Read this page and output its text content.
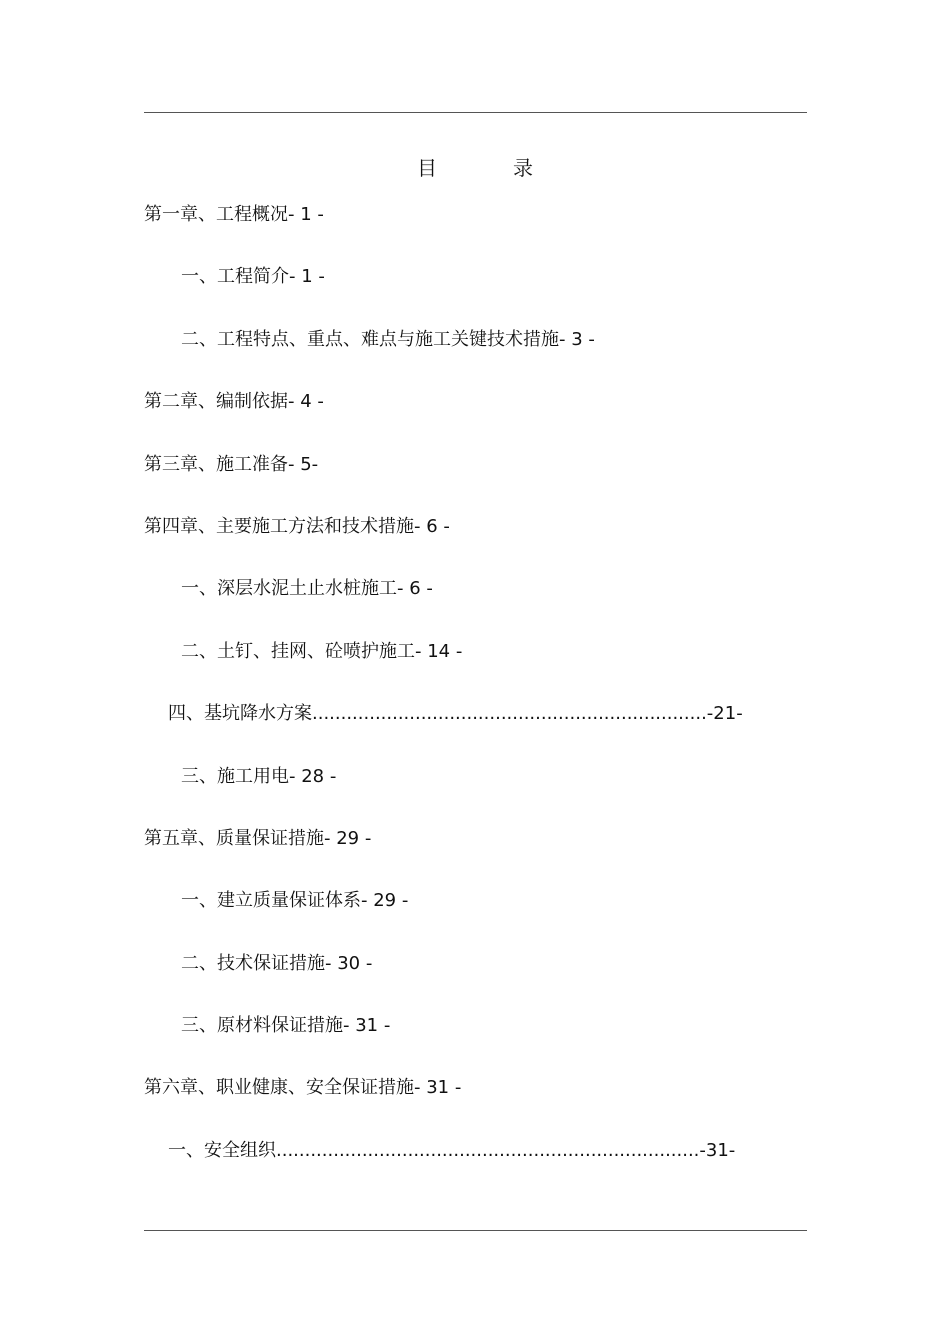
目	录
第一章、工程概况- 1 -
一、工程简介- 1 -
二、工程特点、重点、难点与施工关键技术措施- 3 -
第二章、编制依据- 4 -
第三章、施工准备- 5-
第四章、主要施工方法和技术措施- 6 -
一、深层水泥土止水桩施工- 6 -
二、土钉、挂网、砼喷护施工- 14 -
四、基坑降水方案.....................................................................-21-
三、施工用电- 28 -
第五章、质量保证措施- 29 -
一、建立质量保证体系- 29 -
二、技术保证措施- 30 -
三、原材料保证措施- 31 -
第六章、职业健康、安全保证措施- 31 -
一、安全组织..........................................................................-31-
